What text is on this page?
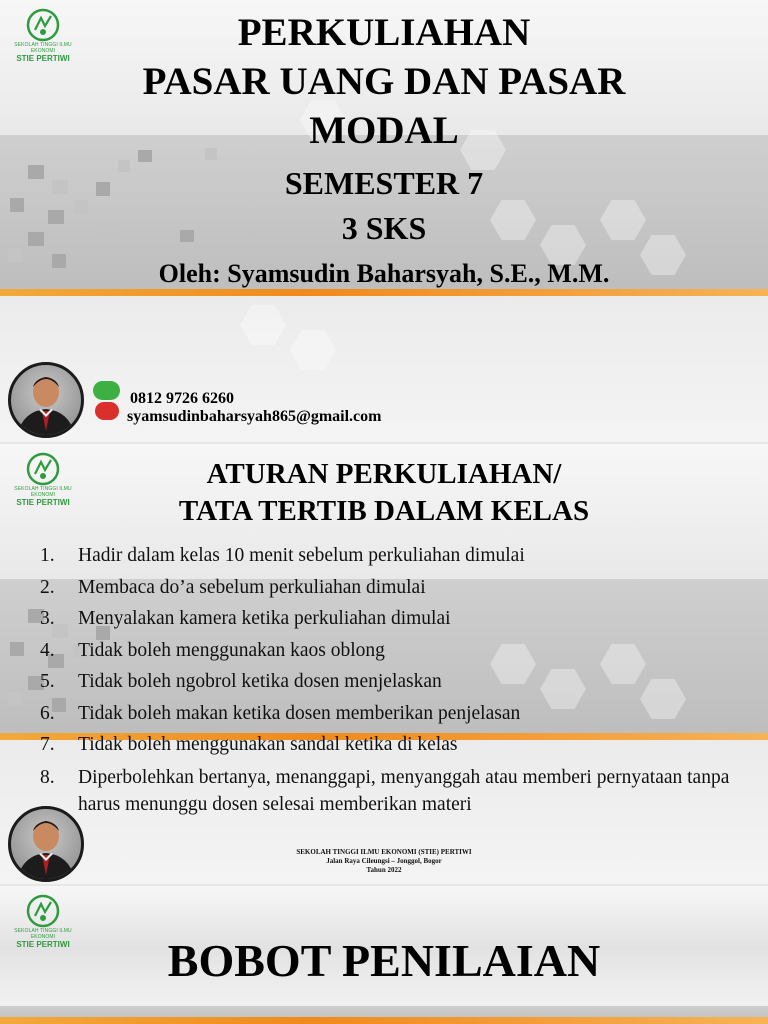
SEKOLAH TINGGI ILMU EKONOMI
STIE PERTIWI
PERKULIAHAN
PASAR UANG DAN PASAR
MODAL
SEMESTER 7
3 SKS
Oleh: Syamsudin Baharsyah, S.E., M.M.
0812 9726 6260
syamsudinbaharsyah865@gmail.com
SEKOLAH TINGGI ILMU EKONOMI
STIE PERTIWI
ATURAN PERKULIAHAN/
TATA TERTIB DALAM KELAS
1.	Hadir dalam kelas 10 menit sebelum perkuliahan dimulai
2.	Membaca do’a sebelum perkuliahan dimulai
3.	Menyalakan kamera ketika perkuliahan dimulai
4.	Tidak boleh menggunakan kaos oblong
5.	Tidak boleh ngobrol ketika dosen menjelaskan
6.	Tidak boleh makan ketika dosen memberikan penjelasan
7.	Tidak boleh menggunakan sandal ketika di kelas
8.	Diperbolehkan bertanya, menanggapi, menyanggah atau memberi pernyataan tanpa harus menunggu dosen selesai memberikan materi
SEKOLAH TINGGI ILMU EKONOMI (STIE) PERTIWI
Jalan Raya Cileungsi – Jonggol, Bogor
Tahun 2022
SEKOLAH TINGGI ILMU EKONOMI
STIE PERTIWI	BOBOT PENILAIAN
